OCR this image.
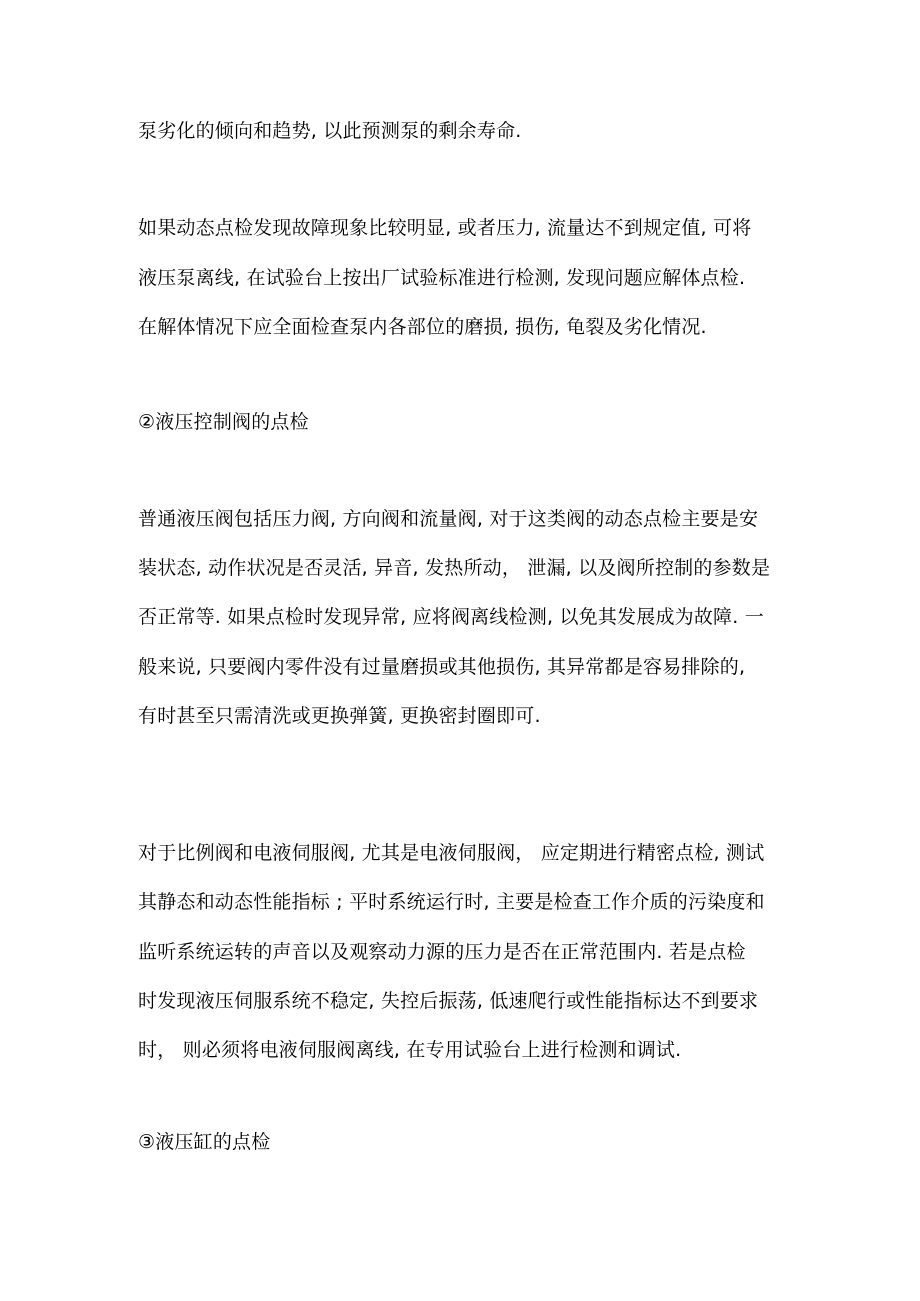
泵劣化的倾向和趋势, 以此预测泵的剩余寿命.
如果动态点检发现故障现象比较明显, 或者压力, 流量达不到规定值, 可将
液压泵离线, 在试验台上按出厂试验标准进行检测, 发现问题应解体点检.
在解体情况下应全面检查泵内各部位的磨损, 损伤, 龟裂及劣化情况.
②液压控制阀的点检
普通液压阀包括压力阀, 方向阀和流量阀, 对于这类阀的动态点检主要是安
装状态, 动作状况是否灵活, 异音, 发热所动， 泄漏, 以及阀所控制的参数是
否正常等. 如果点检时发现异常, 应将阀离线检测, 以免其发展成为故障. 一
般来说, 只要阀内零件没有过量磨损或其他损伤, 其异常都是容易排除的,
有时甚至只需清洗或更换弹簧, 更换密封圈即可.
对于比例阀和电液伺服阀, 尤其是电液伺服阀， 应定期进行精密点检, 测试
其静态和动态性能指标 ; 平时系统运行时, 主要是检查工作介质的污染度和
监听系统运转的声音以及观察动力源的压力是否在正常范围内. 若是点检
时发现液压伺服系统不稳定, 失控后振荡, 低速爬行或性能指标达不到要求
时， 则必须将电液伺服阀离线, 在专用试验台上进行检测和调试.
③液压缸的点检
